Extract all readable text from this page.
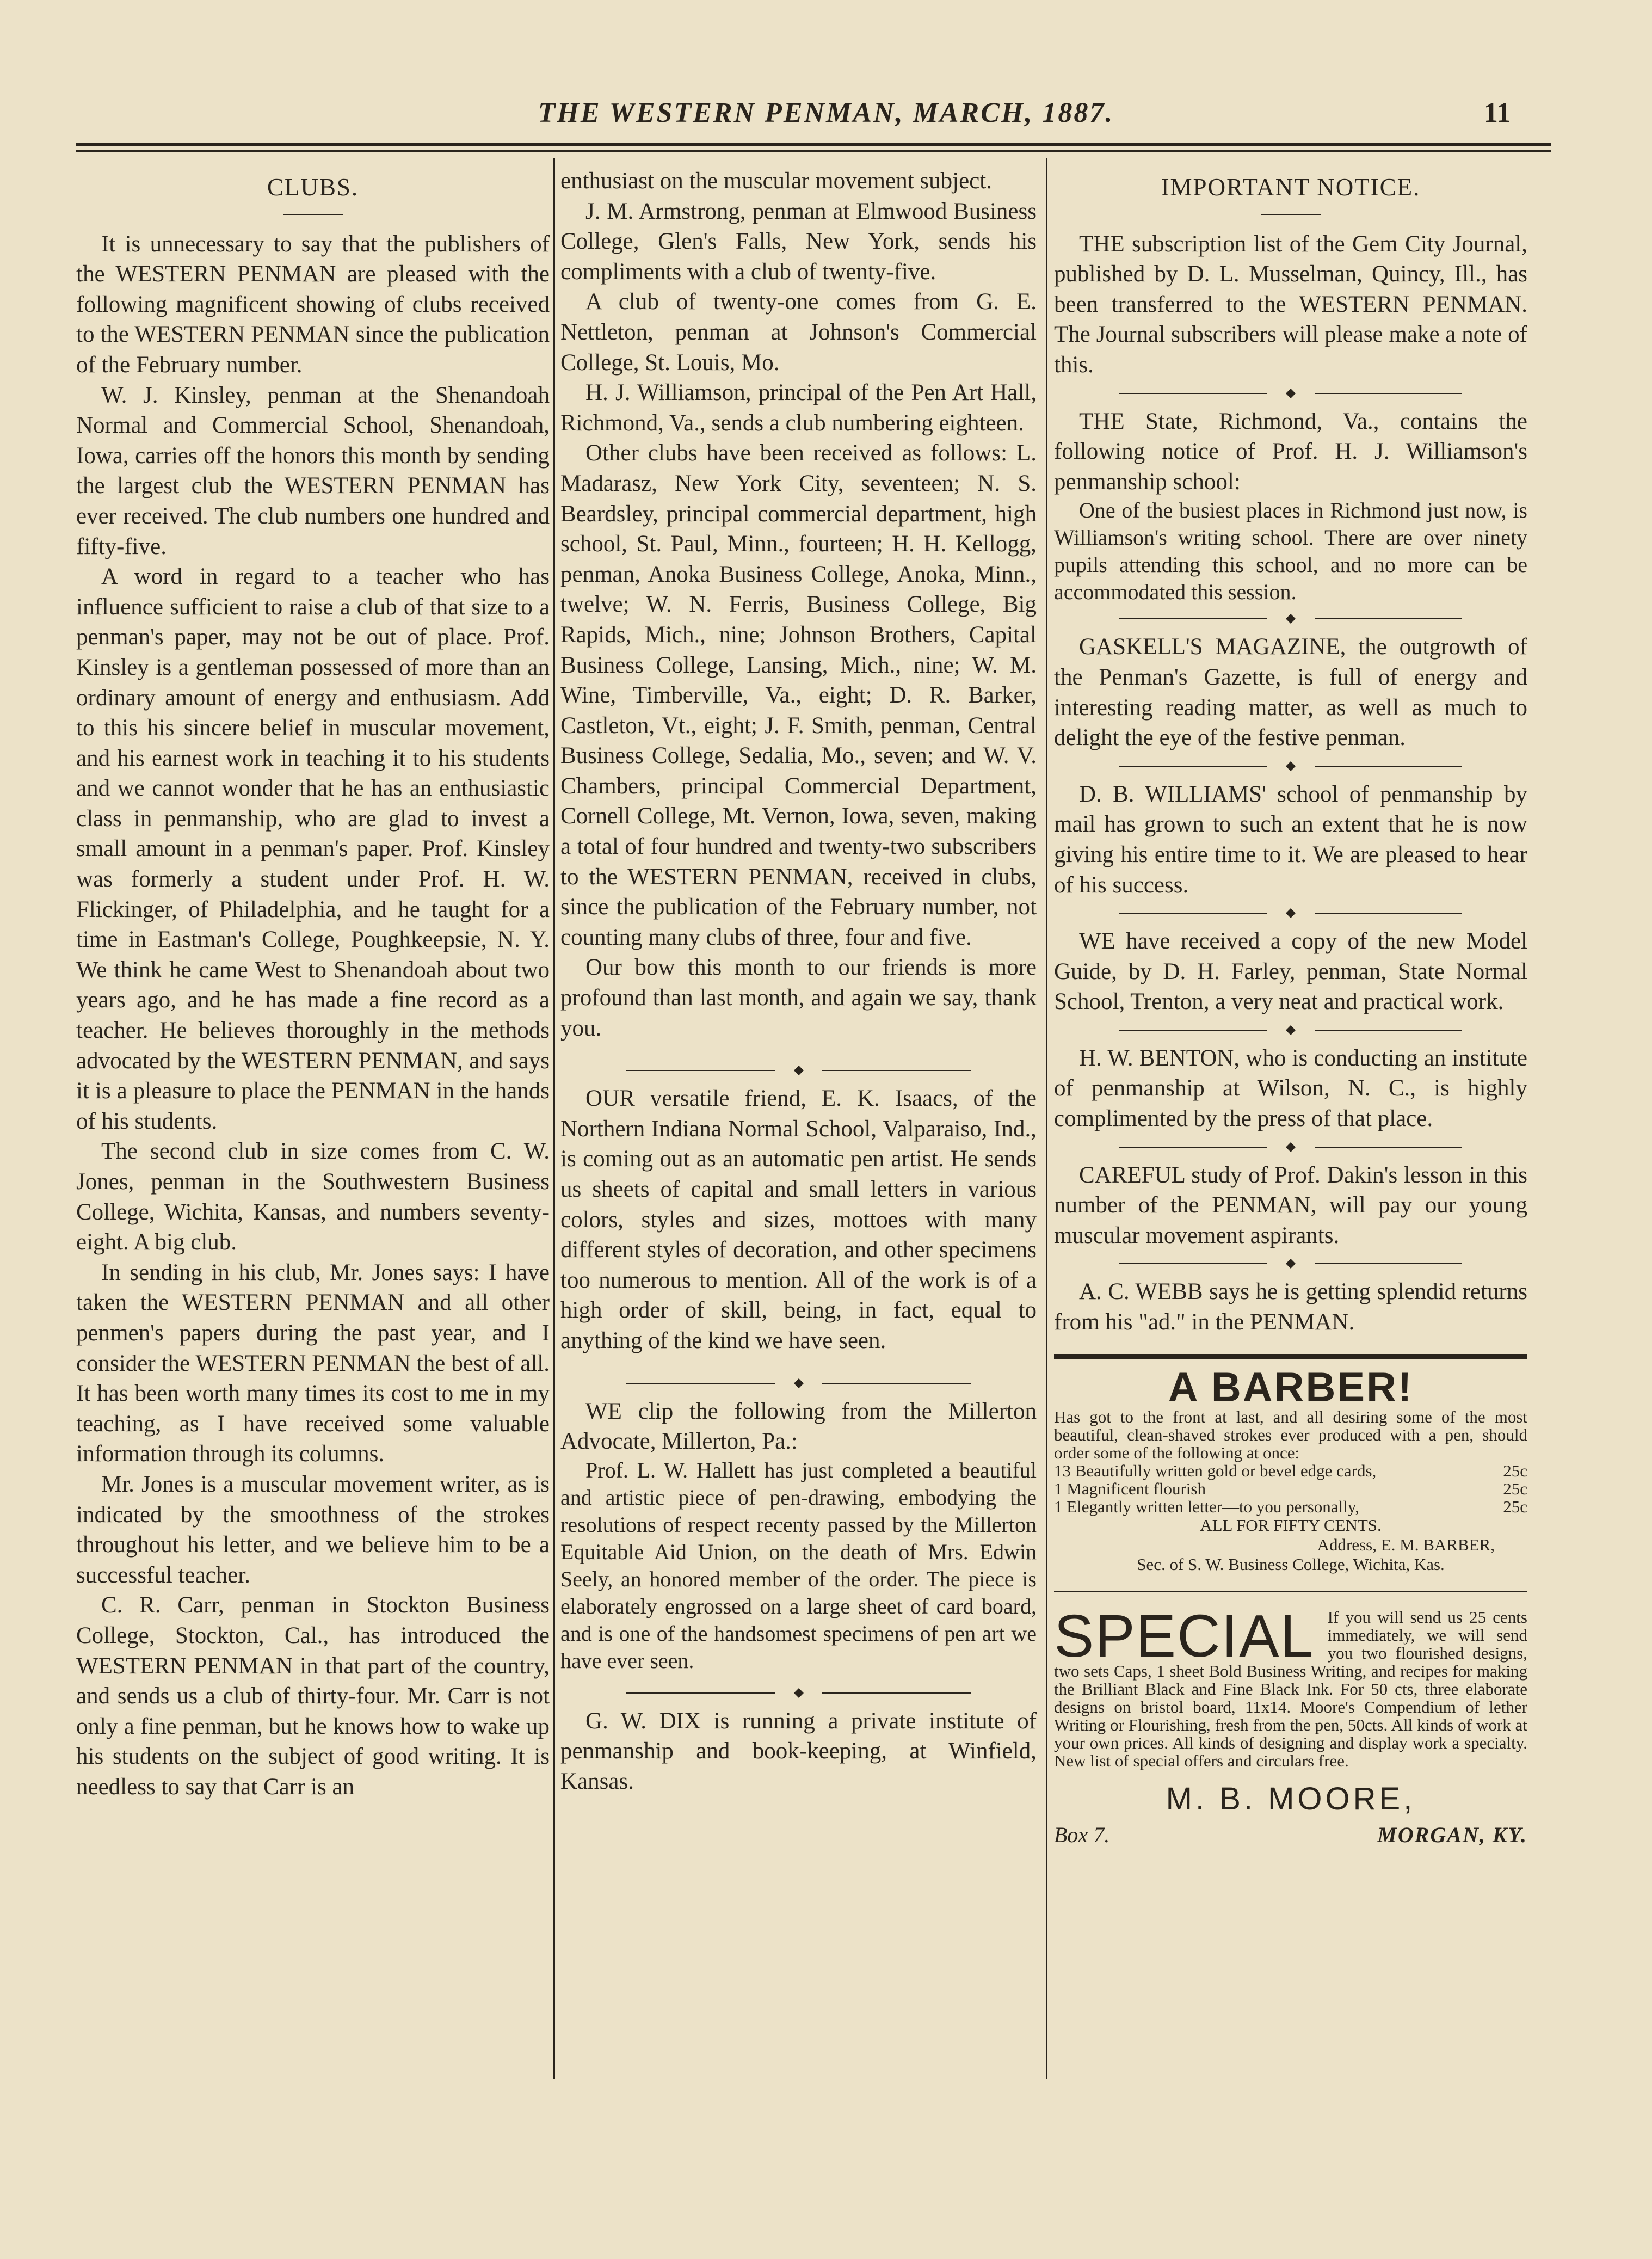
THE WESTERN PENMAN, MARCH, 1887.	11
CLUBS.

It is unnecessary to say that the publishers of the WESTERN PENMAN are pleased with the following magnificent showing of clubs received to the WESTERN PENMAN since the publication of the February number.

W. J. Kinsley, penman at the Shenandoah Normal and Commercial School, Shenandoah, Iowa, carries off the honors this month by sending the largest club the WESTERN PENMAN has ever received. The club numbers one hundred and fifty-five.

A word in regard to a teacher who has influence sufficient to raise a club of that size to a penman's paper, may not be out of place. Prof. Kinsley is a gentleman possessed of more than an ordinary amount of energy and enthusiasm. Add to this his sincere belief in muscular movement, and his earnest work in teaching it to his students and we cannot wonder that he has an enthusiastic class in penmanship, who are glad to invest a small amount in a penman's paper. Prof. Kinsley was formerly a student under Prof. H. W. Flickinger, of Philadelphia, and he taught for a time in Eastman's College, Poughkeepsie, N. Y. We think he came West to Shenandoah about two years ago, and he has made a fine record as a teacher. He believes thoroughly in the methods advocated by the WESTERN PENMAN, and says it is a pleasure to place the PENMAN in the hands of his students.

The second club in size comes from C. W. Jones, penman in the Southwestern Business College, Wichita, Kansas, and numbers seventy-eight. A big club.

In sending in his club, Mr. Jones says: I have taken the WESTERN PENMAN and all other penmen's papers during the past year, and I consider the WESTERN PENMAN the best of all. It has been worth many times its cost to me in my teaching, as I have received some valuable information through its columns.

Mr. Jones is a muscular movement writer, as is indicated by the smoothness of the strokes throughout his letter, and we believe him to be a successful teacher.

C. R. Carr, penman in Stockton Business College, Stockton, Cal., has introduced the WESTERN PENMAN in that part of the country, and sends us a club of thirty-four. Mr. Carr is not only a fine penman, but he knows how to wake up his students on the subject of good writing. It is needless to say that Carr is an

enthusiast on the muscular movement subject.

J. M. Armstrong, penman at Elmwood Business College, Glen's Falls, New York, sends his compliments with a club of twenty-five.

A club of twenty-one comes from G. E. Nettleton, penman at Johnson's Commercial College, St. Louis, Mo.

H. J. Williamson, principal of the Pen Art Hall, Richmond, Va., sends a club numbering eighteen.

Other clubs have been received as follows: L. Madarasz, New York City, seventeen; N. S. Beardsley, principal commercial department, high school, St. Paul, Minn., fourteen; H. H. Kellogg, penman, Anoka Business College, Anoka, Minn., twelve; W. N. Ferris, Business College, Big Rapids, Mich., nine; Johnson Brothers, Capital Business College, Lansing, Mich., nine; W. M. Wine, Timberville, Va., eight; D. R. Barker, Castleton, Vt., eight; J. F. Smith, penman, Central Business College, Sedalia, Mo., seven; and W. V. Chambers, principal Commercial Department, Cornell College, Mt. Vernon, Iowa, seven, making a total of four hundred and twenty-two subscribers to the WESTERN PENMAN, received in clubs, since the publication of the February number, not counting many clubs of three, four and five.

Our bow this month to our friends is more profound than last month, and again we say, thank you.

OUR versatile friend, E. K. Isaacs, of the Northern Indiana Normal School, Valparaiso, Ind., is coming out as an automatic pen artist. He sends us sheets of capital and small letters in various colors, styles and sizes, mottoes with many different styles of decoration, and other specimens too numerous to mention. All of the work is of a high order of skill, being, in fact, equal to anything of the kind we have seen.

WE clip the following from the Millerton Advocate, Millerton, Pa.:

Prof. L. W. Hallett has just completed a beautiful and artistic piece of pen-drawing, embodying the resolutions of respect recenty passed by the Millerton Equitable Aid Union, on the death of Mrs. Edwin Seely, an honored member of the order. The piece is elaborately engrossed on a large sheet of card board, and is one of the handsomest specimens of pen art we have ever seen.

G. W. DIX is running a private institute of penmanship and book-keeping, at Winfield, Kansas.

IMPORTANT NOTICE.

THE subscription list of the Gem City Journal, published by D. L. Musselman, Quincy, Ill., has been transferred to the WESTERN PENMAN. The Journal subscribers will please make a note of this.

THE State, Richmond, Va., contains the following notice of Prof. H. J. Williamson's penmanship school:

One of the busiest places in Richmond just now, is Williamson's writing school. There are over ninety pupils attending this school, and no more can be accommodated this session.

GASKELL'S MAGAZINE, the outgrowth of the Penman's Gazette, is full of energy and interesting reading matter, as well as much to delight the eye of the festive penman.

D. B. WILLIAMS' school of penmanship by mail has grown to such an extent that he is now giving his entire time to it. We are pleased to hear of his success.

WE have received a copy of the new Model Guide, by D. H. Farley, penman, State Normal School, Trenton, a very neat and practical work.

H. W. BENTON, who is conducting an institute of penmanship at Wilson, N. C., is highly complimented by the press of that place.

CAREFUL study of Prof. Dakin's lesson in this number of the PENMAN, will pay our young muscular movement aspirants.

A. C. WEBB says he is getting splendid returns from his "ad." in the PENMAN.

A BARBER!
Has got to the front at last, and all desiring some of the most beautiful, clean-shaved strokes ever produced with a pen, should order some of the following at once:
13 Beautifully written gold or bevel edge cards,	25c
1 Magnificent flourish	25c
1 Elegantly written letter—to you personally,	25c
ALL FOR FIFTY CENTS.
Address, E. M. BARBER,
Sec. of S. W. Business College, Wichita, Kas.
SPECIAL If you will send us 25 cents immediately, we will send you two flourished designs, two sets Caps, 1 sheet Bold Business Writing, and recipes for making the Brilliant Black and Fine Black Ink. For 50 cts, three elaborate designs on bristol board, 11x14. Moore's Compendium of lether Writing or Flourishing, fresh from the pen, 50cts. All kinds of work at your own prices. All kinds of designing and display work a specialty. New list of special offers and circulars free.
M. B. MOORE,
Box 7.	MORGAN, KY.
